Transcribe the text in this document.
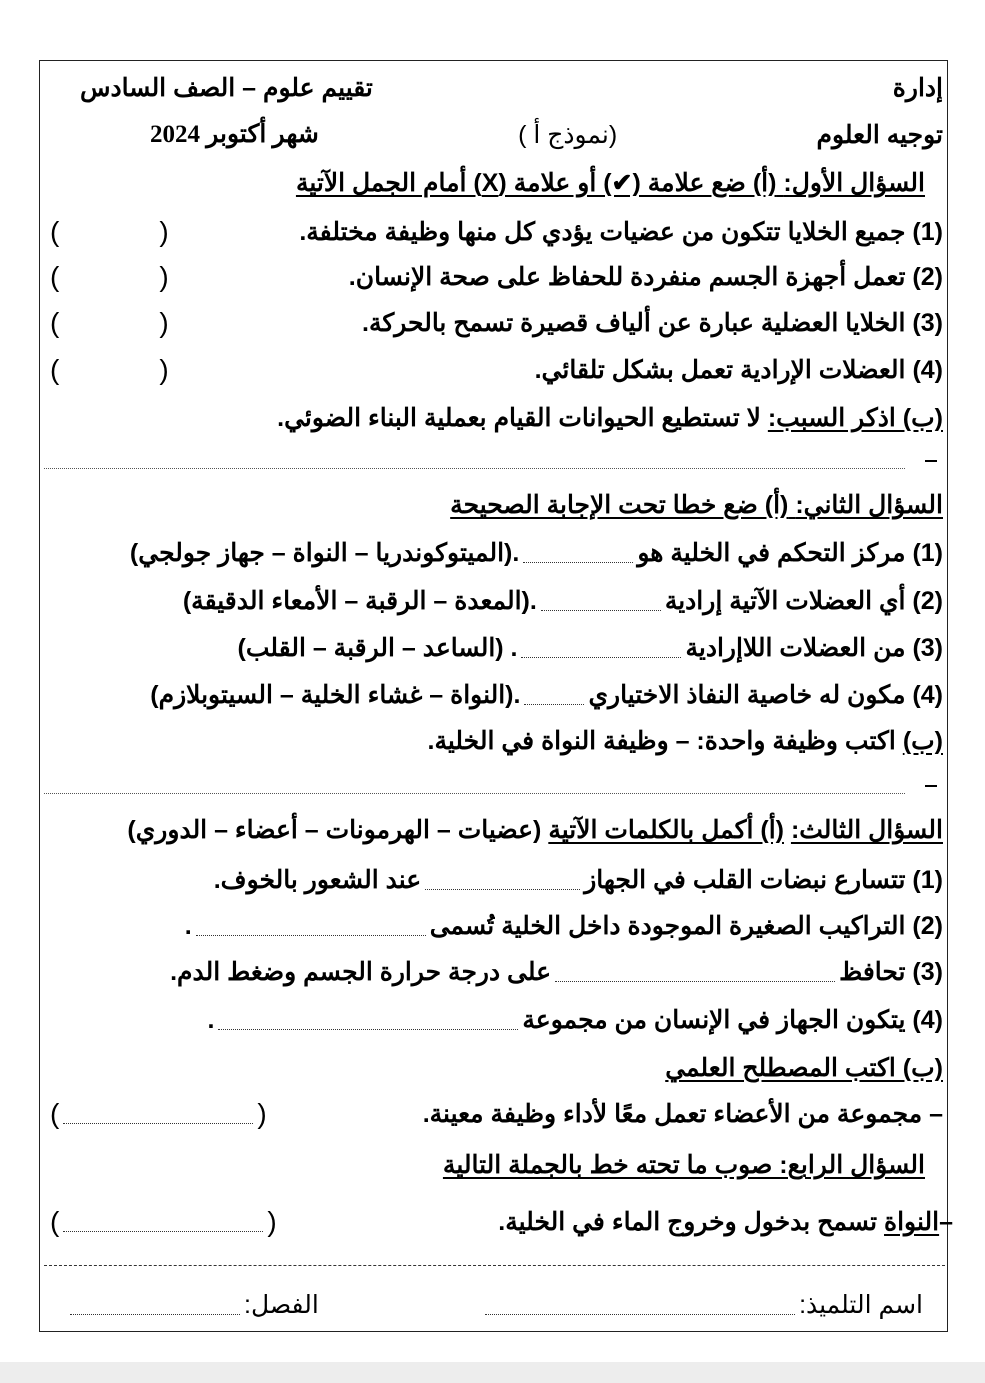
إدارة
تقييم علوم – الصف السادس
توجيه العلوم
(نموذج أ )
شهر أكتوبر 2024
السؤال الأول:

(أ) ضع علامة (✔) أو علامة (X) أمام الجمل الآتية
(1) جميع الخلايا تتكون من عضيات يؤدي كل منها وظيفة مختلفة.
(
)
(2) تعمل أجهزة الجسم منفردة للحفاظ على صحة الإنسان.
(
)
(3) الخلايا العضلية عبارة عن ألياف قصيرة تسمح بالحركة.
(
)
(4) العضلات الإرادية تعمل بشكل تلقائي.
(
)
(ب) اذكر السبب:

لا تستطيع الحيوانات القيام بعملية البناء الضوئي.
السؤال الثاني:

(أ) ضع خطا تحت الإجابة الصحيحة
(1) مركز التحكم في الخلية هو
.(الميتوكوندريا – النواة – جهاز جولجي)
(2) أي العضلات الآتية إرادية
.(المعدة – الرقبة – الأمعاء الدقيقة)
(3) من العضلات اللاإرادية
. (الساعد – الرقبة – القلب)
(4) مكون له خاصية النفاذ الاختياري
.(النواة – غشاء الخلية – السيتوبلازم)
(ب)

اكتب وظيفة واحدة: – وظيفة النواة في الخلية.
السؤال الثالث:

(أ) أكمل بالكلمات الآتية

(عضيات – الهرمونات – أعضاء – الدوري)
(1) تتسارع نبضات القلب في الجهاز
عند الشعور بالخوف.
(2) التراكيب الصغيرة الموجودة داخل الخلية تُسمى
.
(3) تحافظ
على درجة حرارة الجسم وضغط الدم.
(4) يتكون الجهاز في الإنسان من مجموعة
.
(ب) اكتب المصطلح العلمي
– مجموعة من الأعضاء تعمل معًا لأداء وظيفة معينة.
(
)
السؤال الرابع: صوب ما تحته خط بالجملة التالية
–
النواة

تسمح بدخول وخروج الماء في الخلية.
(
)
اسم التلميذ:
الفصل:
